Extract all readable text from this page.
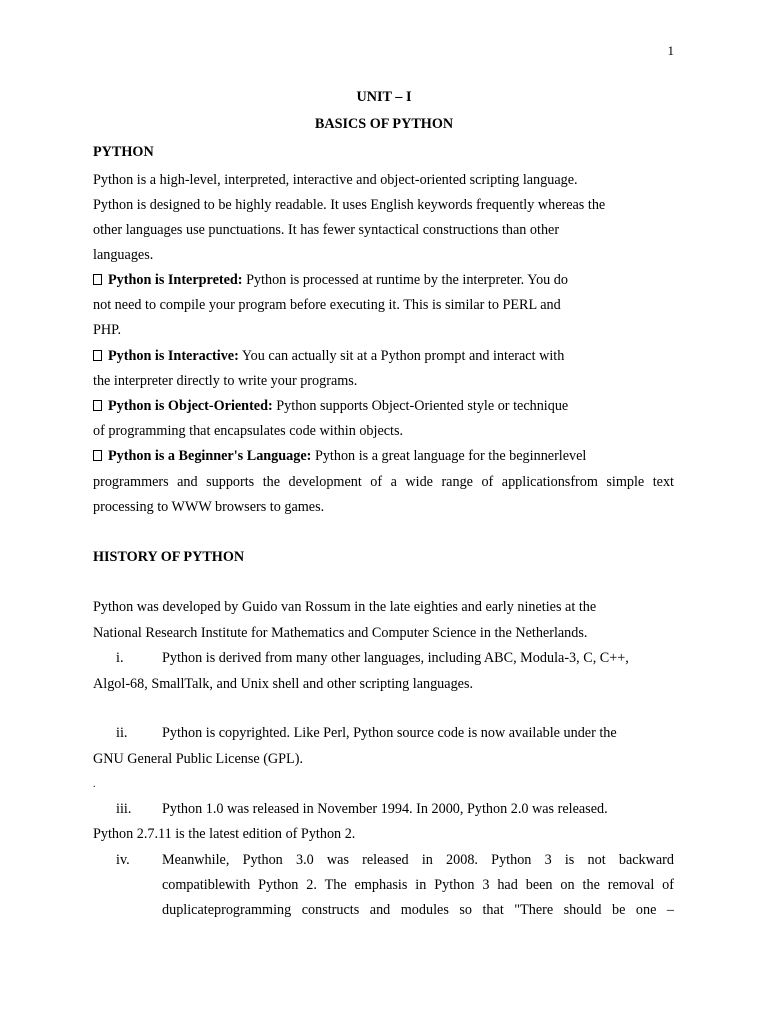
1
UNIT – I
BASICS OF PYTHON
PYTHON
Python is a high-level, interpreted, interactive and object-oriented scripting language.
Python is designed to be highly readable. It uses English keywords frequently whereas the
other languages use punctuations. It has fewer syntactical constructions than other
languages.
Python is Interpreted: Python is processed at runtime by the interpreter. You do
not need to compile your program before executing it. This is similar to PERL and
PHP.
Python is Interactive: You can actually sit at a Python prompt and interact with
the interpreter directly to write your programs.
Python is Object-Oriented: Python supports Object-Oriented style or technique
of programming that encapsulates code within objects.
Python is a Beginner's Language: Python is a great language for the beginnerlevel
programmers and supports the development of a wide range of applicationsfrom simple text
processing to WWW browsers to games.
HISTORY OF PYTHON
Python was developed by Guido van Rossum in the late eighties and early nineties at the
National Research Institute for Mathematics and Computer Science in the Netherlands.
i.	Python is derived from many other languages, including ABC, Modula-3, C, C++,
Algol-68, SmallTalk, and Unix shell and other scripting languages.
ii. Python is copyrighted. Like Perl, Python source code is now available under the
GNU General Public License (GPL).
.
iii. Python 1.0 was released in November 1994. In 2000, Python 2.0 was released.
Python 2.7.11 is the latest edition of Python 2.
iv. Meanwhile, Python 3.0 was released in 2008. Python 3 is not backward
compatiblewith Python 2. The emphasis in Python 3 had been on the removal of
duplicateprogramming constructs and modules so that "There should be one –
